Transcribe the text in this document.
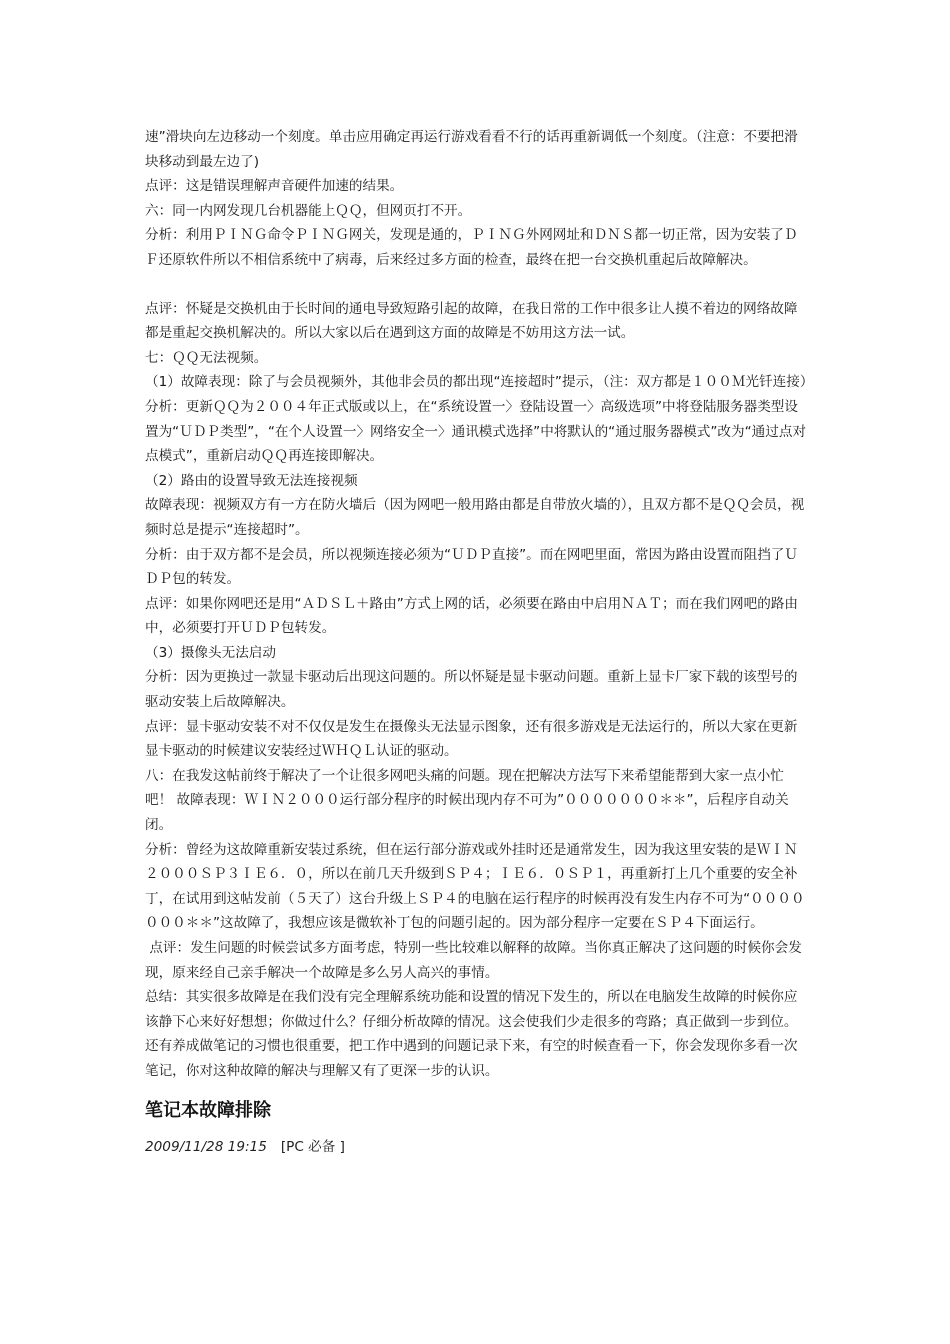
速”滑块向左边移动一个刻度。单击应用确定再运行游戏看看不行的话再重新调低一个刻度。（注意：不要把滑块移动到最左边了)

点评：这是错误理解声音硬件加速的结果。

六：同一内网发现几台机器能上ＱＱ，但网页打不开。

分析：利用ＰＩＮＧ命令ＰＩＮＧ网关，发现是通的，ＰＩＮＧ外网网址和ＤＮＳ都一切正常，因为安装了ＤＦ还原软件所以不相信系统中了病毒，后来经过多方面的检查，最终在把一台交换机重起后故障解决。

点评：怀疑是交换机由于长时间的通电导致短路引起的故障，在我日常的工作中很多让人摸不着边的网络故障都是重起交换机解决的。所以大家以后在遇到这方面的故障是不妨用这方法一试。

七：ＱＱ无法视频。

（1）故障表现：除了与会员视频外，其他非会员的都出现“连接超时”提示，（注：双方都是１００Ｍ光钎连接）

分析：更新ＱＱ为２００４年正式版或以上，在“系统设置一〉登陆设置一〉高级选项”中将登陆服务器类型设置为“ＵＤＰ类型”，“在个人设置一〉网络安全一〉通讯模式选择”中将默认的“通过服务器模式”改为“通过点对点模式”，重新启动ＱＱ再连接即解决。

（2）路由的设置导致无法连接视频

故障表现：视频双方有一方在防火墙后（因为网吧一般用路由都是自带放火墙的），且双方都不是ＱＱ会员，视频时总是提示“连接超时”。

分析：由于双方都不是会员，所以视频连接必须为“ＵＤＰ直接”。而在网吧里面，常因为路由设置而阻挡了ＵＤＰ包的转发。

点评：如果你网吧还是用“ＡＤＳＬ＋路由”方式上网的话，必须要在路由中启用ＮＡＴ；而在我们网吧的路由中，必须要打开ＵＤＰ包转发。

（3）摄像头无法启动

分析：因为更换过一款显卡驱动后出现这问题的。所以怀疑是显卡驱动问题。重新上显卡厂家下载的该型号的驱动安装上后故障解决。

点评：显卡驱动安装不对不仅仅是发生在摄像头无法显示图象，还有很多游戏是无法运行的，所以大家在更新显卡驱动的时候建议安装经过ＷＨＱＬ认证的驱动。

八：在我发这帖前终于解决了一个让很多网吧头痛的问题。现在把解决方法写下来希望能帮到大家一点小忙吧！ 故障表现：ＷＩＮ２０００运行部分程序的时候出现内存不可为”０００００００＊＊”，后程序自动关闭。

分析：曾经为这故障重新安装过系统，但在运行部分游戏或外挂时还是通常发生，因为我这里安装的是ＷＩＮ２０００ＳＰ３ＩＥ６．０，所以在前几天升级到ＳＰ４；ＩＥ６．０ＳＰ１，再重新打上几个重要的安全补丁，在试用到这帖发前（５天了）这台升级上ＳＰ４的电脑在运行程序的时候再没有发生内存不可为“０００００００＊＊”这故障了，我想应该是微软补丁包的问题引起的。因为部分程序一定要在ＳＰ４下面运行。

点评：发生问题的时候尝试多方面考虑，特别一些比较难以解释的故障。当你真正解决了这问题的时候你会发现，原来经自己亲手解决一个故障是多么另人高兴的事情。

总结：其实很多故障是在我们没有完全理解系统功能和设置的情况下发生的，所以在电脑发生故障的时候你应该静下心来好好想想；你做过什么？仔细分析故障的情况。这会使我们少走很多的弯路；真正做到一步到位。还有养成做笔记的习惯也很重要，把工作中遇到的问题记录下来，有空的时候查看一下，你会发现你多看一次笔记，你对这种故障的解决与理解又有了更深一步的认识。

笔记本故障排除
2009/11/28 19:15 [PC 必备 ]
